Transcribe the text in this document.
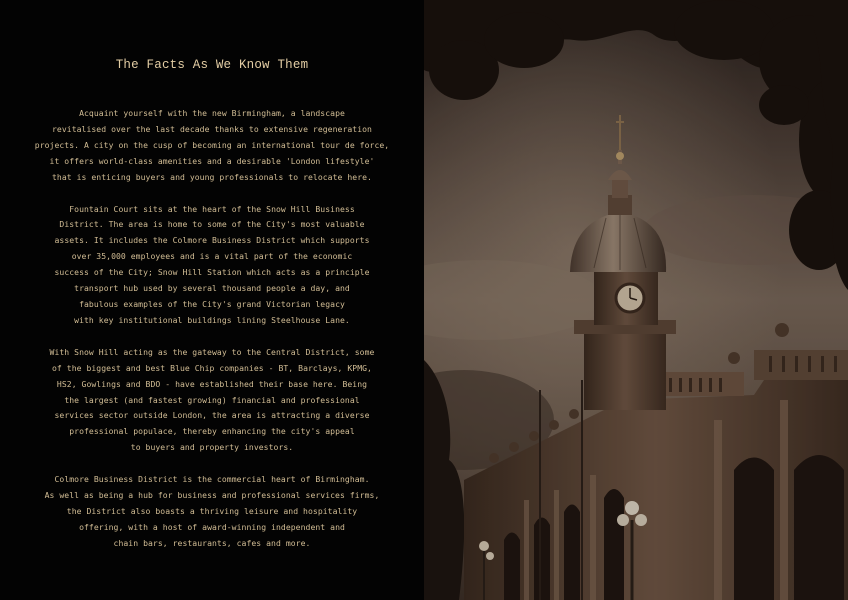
The Facts As We Know Them

Acquaint yourself with the new Birmingham, a landscape
revitalised over the last decade thanks to extensive regeneration
projects. A city on the cusp of becoming an international tour de force,
it offers world-class amenities and a desirable 'London lifestyle'
that is enticing buyers and young professionals to relocate here.

Fountain Court sits at the heart of the Snow Hill Business
District. The area is home to some of the City's most valuable
assets. It includes the Colmore Business District which supports
over 35,000 employees and is a vital part of the economic
success of the City; Snow Hill Station which acts as a principle
transport hub used by several thousand people a day, and
fabulous examples of the City's grand Victorian legacy
with key institutional buildings lining Steelhouse Lane.

With Snow Hill acting as the gateway to the Central District, some
of the biggest and best Blue Chip companies - BT, Barclays, KPMG,
HS2, Gowlings and BDO - have established their base here. Being
the largest (and fastest growing) financial and professional
services sector outside London, the area is attracting a diverse
professional populace, thereby enhancing the city's appeal
to buyers and property investors.

Colmore Business District is the commercial heart of Birmingham.
As well as being a hub for business and professional services firms,
the District also boasts a thriving leisure and hospitality
offering, with a host of award-winning independent and
chain bars, restaurants, cafes and more.
